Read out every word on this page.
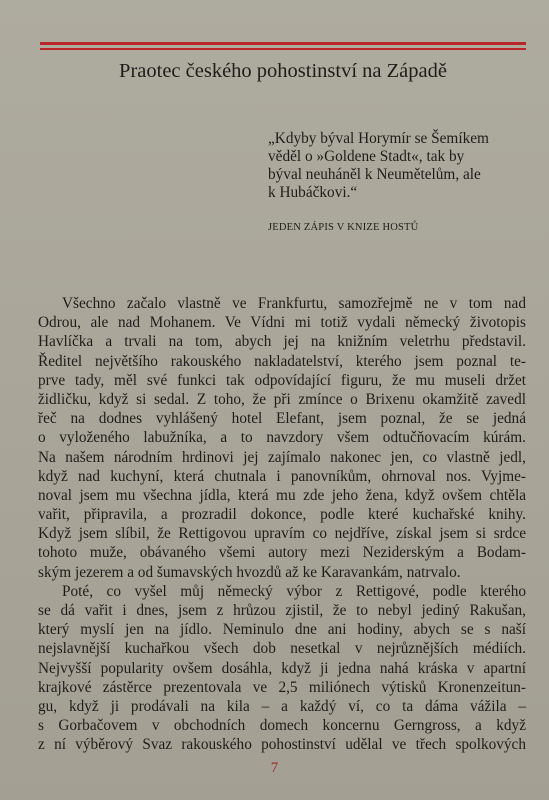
Praotec českého pohostinství na Západě
„Kdyby býval Horymír se Šemíkem
věděl o »Goldene Stadt«, tak by
býval neuháněl k Neumětelům, ale
k Hubáčkovi.“
JEDEN ZÁPIS V KNIZE HOSTŮ
Všechno začalo vlastně ve Frankfurtu, samozřejmě ne v tom nad
Odrou, ale nad Mohanem. Ve Vídni mi totiž vydali německý životopis
Havlíčka a trvali na tom, abych jej na knižním veletrhu představil.
Ředitel největšího rakouského nakladatelství, kterého jsem poznal te-
prve tady, měl své funkci tak odpovídající figuru, že mu museli držet
židličku, když si sedal. Z toho, že při zmínce o Brixenu okamžitě zavedl
řeč na dodnes vyhlášený hotel Elefant, jsem poznal, že se jedná
o vyloženého labužníka, a to navzdory všem odtučňovacím kúrám.
Na našem národním hrdinovi jej zajímalo nakonec jen, co vlastně jedl,
když nad kuchyní, která chutnala i panovníkům, ohrnoval nos. Vyjme-
noval jsem mu všechna jídla, která mu zde jeho žena, když ovšem chtěla
vařit, připravila, a prozradil dokonce, podle které kuchařské knihy.
Když jsem slíbil, že Rettigovou upravím co nejdříve, získal jsem si srdce
tohoto muže, obávaného všemi autory mezi Neziderským a Bodam-
ským jezerem a od šumavských hvozdů až ke Karavankám, natrvalo.
Poté, co vyšel můj německý výbor z Rettigové, podle kterého
se dá vařit i dnes, jsem z hrůzou zjistil, že to nebyl jediný Rakušan,
který myslí jen na jídlo. Neminulo dne ani hodiny, abych se s naší
nejslavnější kuchařkou všech dob nesetkal v nejrůznějších médiích.
Nejvyšší popularity ovšem dosáhla, když ji jedna nahá kráska v apartní
krajkové zástěrce prezentovala ve 2,5 miliónech výtisků Kronenzeitun-
gu, když ji prodávali na kila – a každý ví, co ta dáma vážila –
s Gorbačovem v obchodních domech koncernu Gerngross, a když
z ní výběrový Svaz rakouského pohostinství udělal ve třech spolkových
7
